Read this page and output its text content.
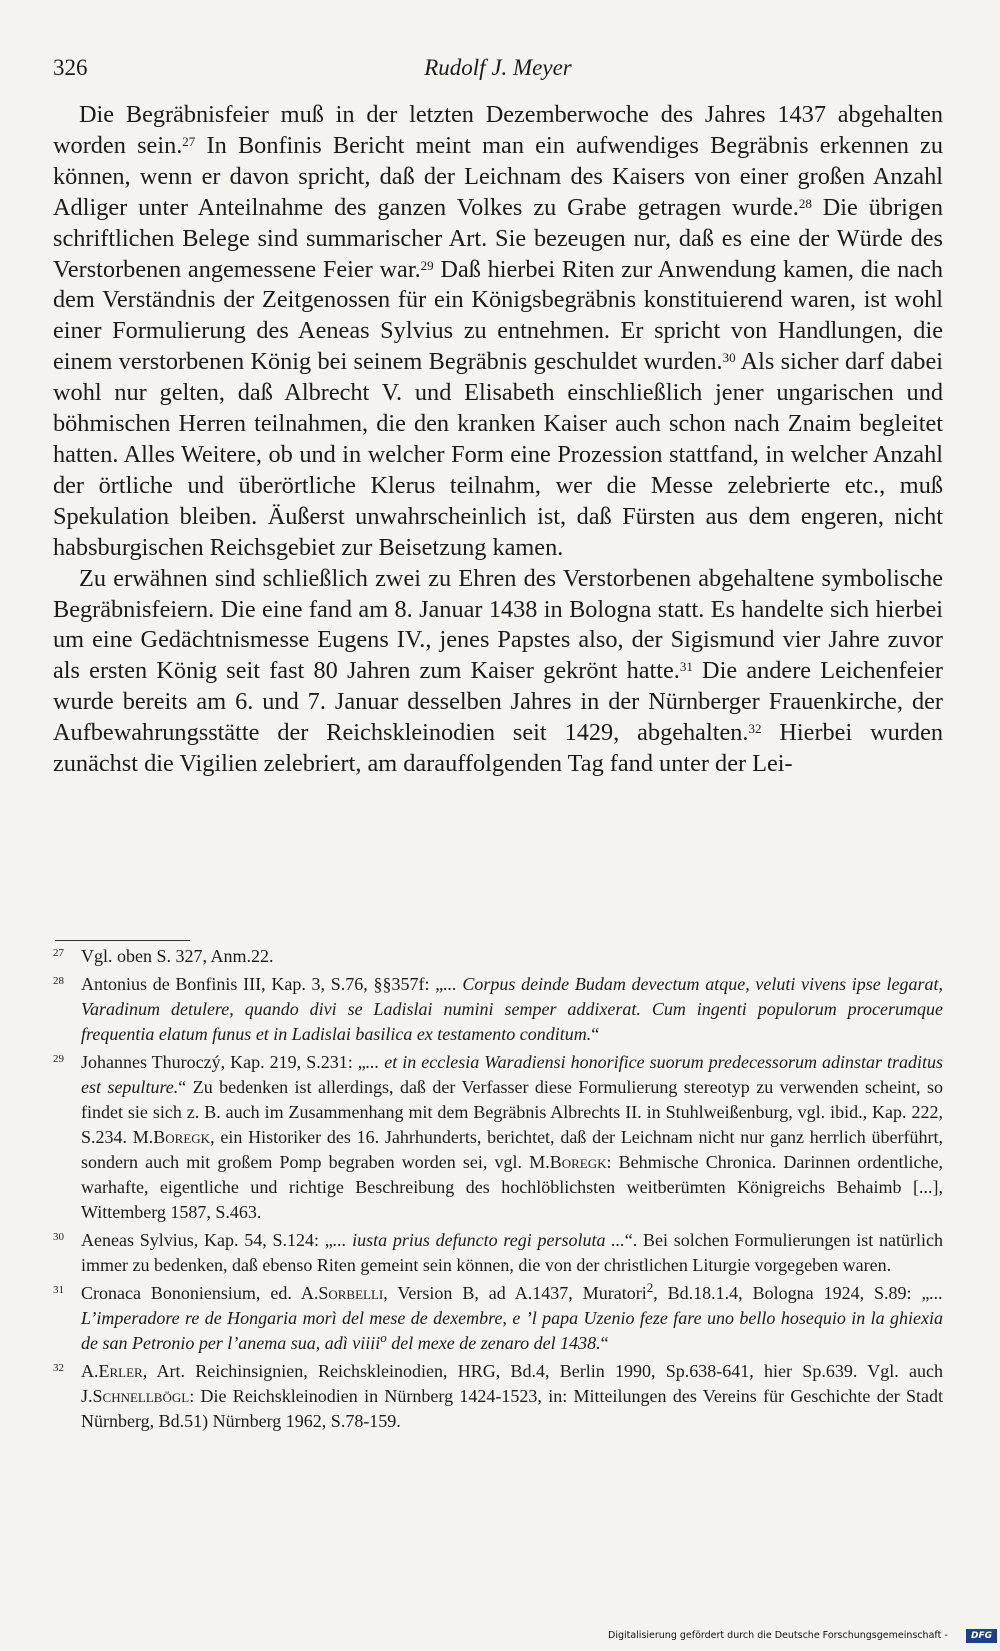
326	Rudolf J. Meyer

Die Begräbnisfeier muß in der letzten Dezemberwoche des Jahres 1437 abgehalten worden sein.$^{27}$ In Bonfinis Bericht meint man ein aufwendiges Begräbnis erkennen zu können, wenn er davon spricht, daß der Leichnam des Kaisers von einer großen Anzahl Adliger unter Anteilnahme des ganzen Volkes zu Grabe getragen wurde.$^{28}$ Die übrigen schriftlichen Belege sind summarischer Art. Sie bezeugen nur, daß es eine der Würde des Verstorbenen angemessene Feier war.$^{29}$ Daß hierbei Riten zur Anwendung kamen, die nach dem Verständnis der Zeitgenossen für ein Königsbegräbnis konstituierend waren, ist wohl einer Formulierung des Aeneas Sylvius zu entnehmen. Er spricht von Handlungen, die einem verstorbenen König bei seinem Begräbnis geschuldet wurden.$^{30}$ Als sicher darf dabei wohl nur gelten, daß Albrecht V. und Elisabeth einschließlich jener ungarischen und böhmischen Herren teilnahmen, die den kranken Kaiser auch schon nach Znaim begleitet hatten. Alles Weitere, ob und in welcher Form eine Prozession stattfand, in welcher Anzahl der örtliche und überörtliche Klerus teilnahm, wer die Messe zelebrierte etc., muß Spekulation bleiben. Äußerst unwahrscheinlich ist, daß Fürsten aus dem engeren, nicht habsburgischen Reichsgebiet zur Beisetzung kamen.

Zu erwähnen sind schließlich zwei zu Ehren des Verstorbenen abgehaltene symbolische Begräbnisfeiern. Die eine fand am 8. Januar 1438 in Bologna statt. Es handelte sich hierbei um eine Gedächtnismesse Eugens IV., jenes Papstes also, der Sigismund vier Jahre zuvor als ersten König seit fast 80 Jahren zum Kaiser gekrönt hatte.$^{31}$ Die andere Leichenfeier wurde bereits am 6. und 7. Januar desselben Jahres in der Nürnberger Frauenkirche, der Aufbewahrungsstätte der Reichskleinodien seit 1429, abgehalten.$^{32}$ Hierbei wurden zunächst die Vigilien zelebriert, am darauffolgenden Tag fand unter der Lei-

27 Vgl. oben S. 327, Anm.22.
28 Antonius de Bonfinis III, Kap. 3, S.76, §§357f: „... Corpus deinde Budam devectum atque, veluti vivens ipse legarat, Varadinum detulere, quando divi se Ladislai numini semper addixerat. Cum ingenti populorum procerumque frequentia elatum funus et in Ladislai basilica ex testamento conditum.“
29 Johannes Thuroczý, Kap. 219, S.231: „... et in ecclesia Waradiensi honorifice suorum predecessorum adinstar traditus est sepulture.“ Zu bedenken ist allerdings, daß der Verfasser diese Formulierung stereotyp zu verwenden scheint, so findet sie sich z. B. auch im Zusammenhang mit dem Begräbnis Albrechts II. in Stuhlweißenburg, vgl. ibid., Kap. 222, S.234. M.Boregk, ein Historiker des 16. Jahrhunderts, berichtet, daß der Leichnam nicht nur ganz herrlich überführt, sondern auch mit großem Pomp begraben worden sei, vgl. M.Boregk: Behmische Chronica. Darinnen ordentliche, warhafte, eigentliche und richtige Beschreibung des hochlöblichsten weitberümten Königreichs Behaimb [...], Wittemberg 1587, S.463.
30 Aeneas Sylvius, Kap. 54, S.124: „... iusta prius defuncto regi persoluta ...“. Bei solchen Formulierungen ist natürlich immer zu bedenken, daß ebenso Riten gemeint sein können, die von der christlichen Liturgie vorgegeben waren.
31 Cronaca Bononiensium, ed. A.Sorbelli, Version B, ad A.1437, Muratori$^2$, Bd.18.1.4, Bologna 1924, S.89: „... L’imperadore re de Hongaria morì del mese de dexembre, e ’l papa Uzenio feze fare uno bello hosequio in la ghiexia de san Petronio per l’anema sua, adì viiii$^o$ del mexe de zenaro del 1438.“
32 A.Erler, Art. Reichinsignien, Reichskleinodien, HRG, Bd.4, Berlin 1990, Sp.638-641, hier Sp.639. Vgl. auch J.Schnellbögl: Die Reichskleinodien in Nürnberg 1424-1523, in: Mitteilungen des Vereins für Geschichte der Stadt Nürnberg, Bd.51) Nürnberg 1962, S.78-159.
Digitalisierung gefördert durch die Deutsche Forschungsgemeinschaft -	DFG
